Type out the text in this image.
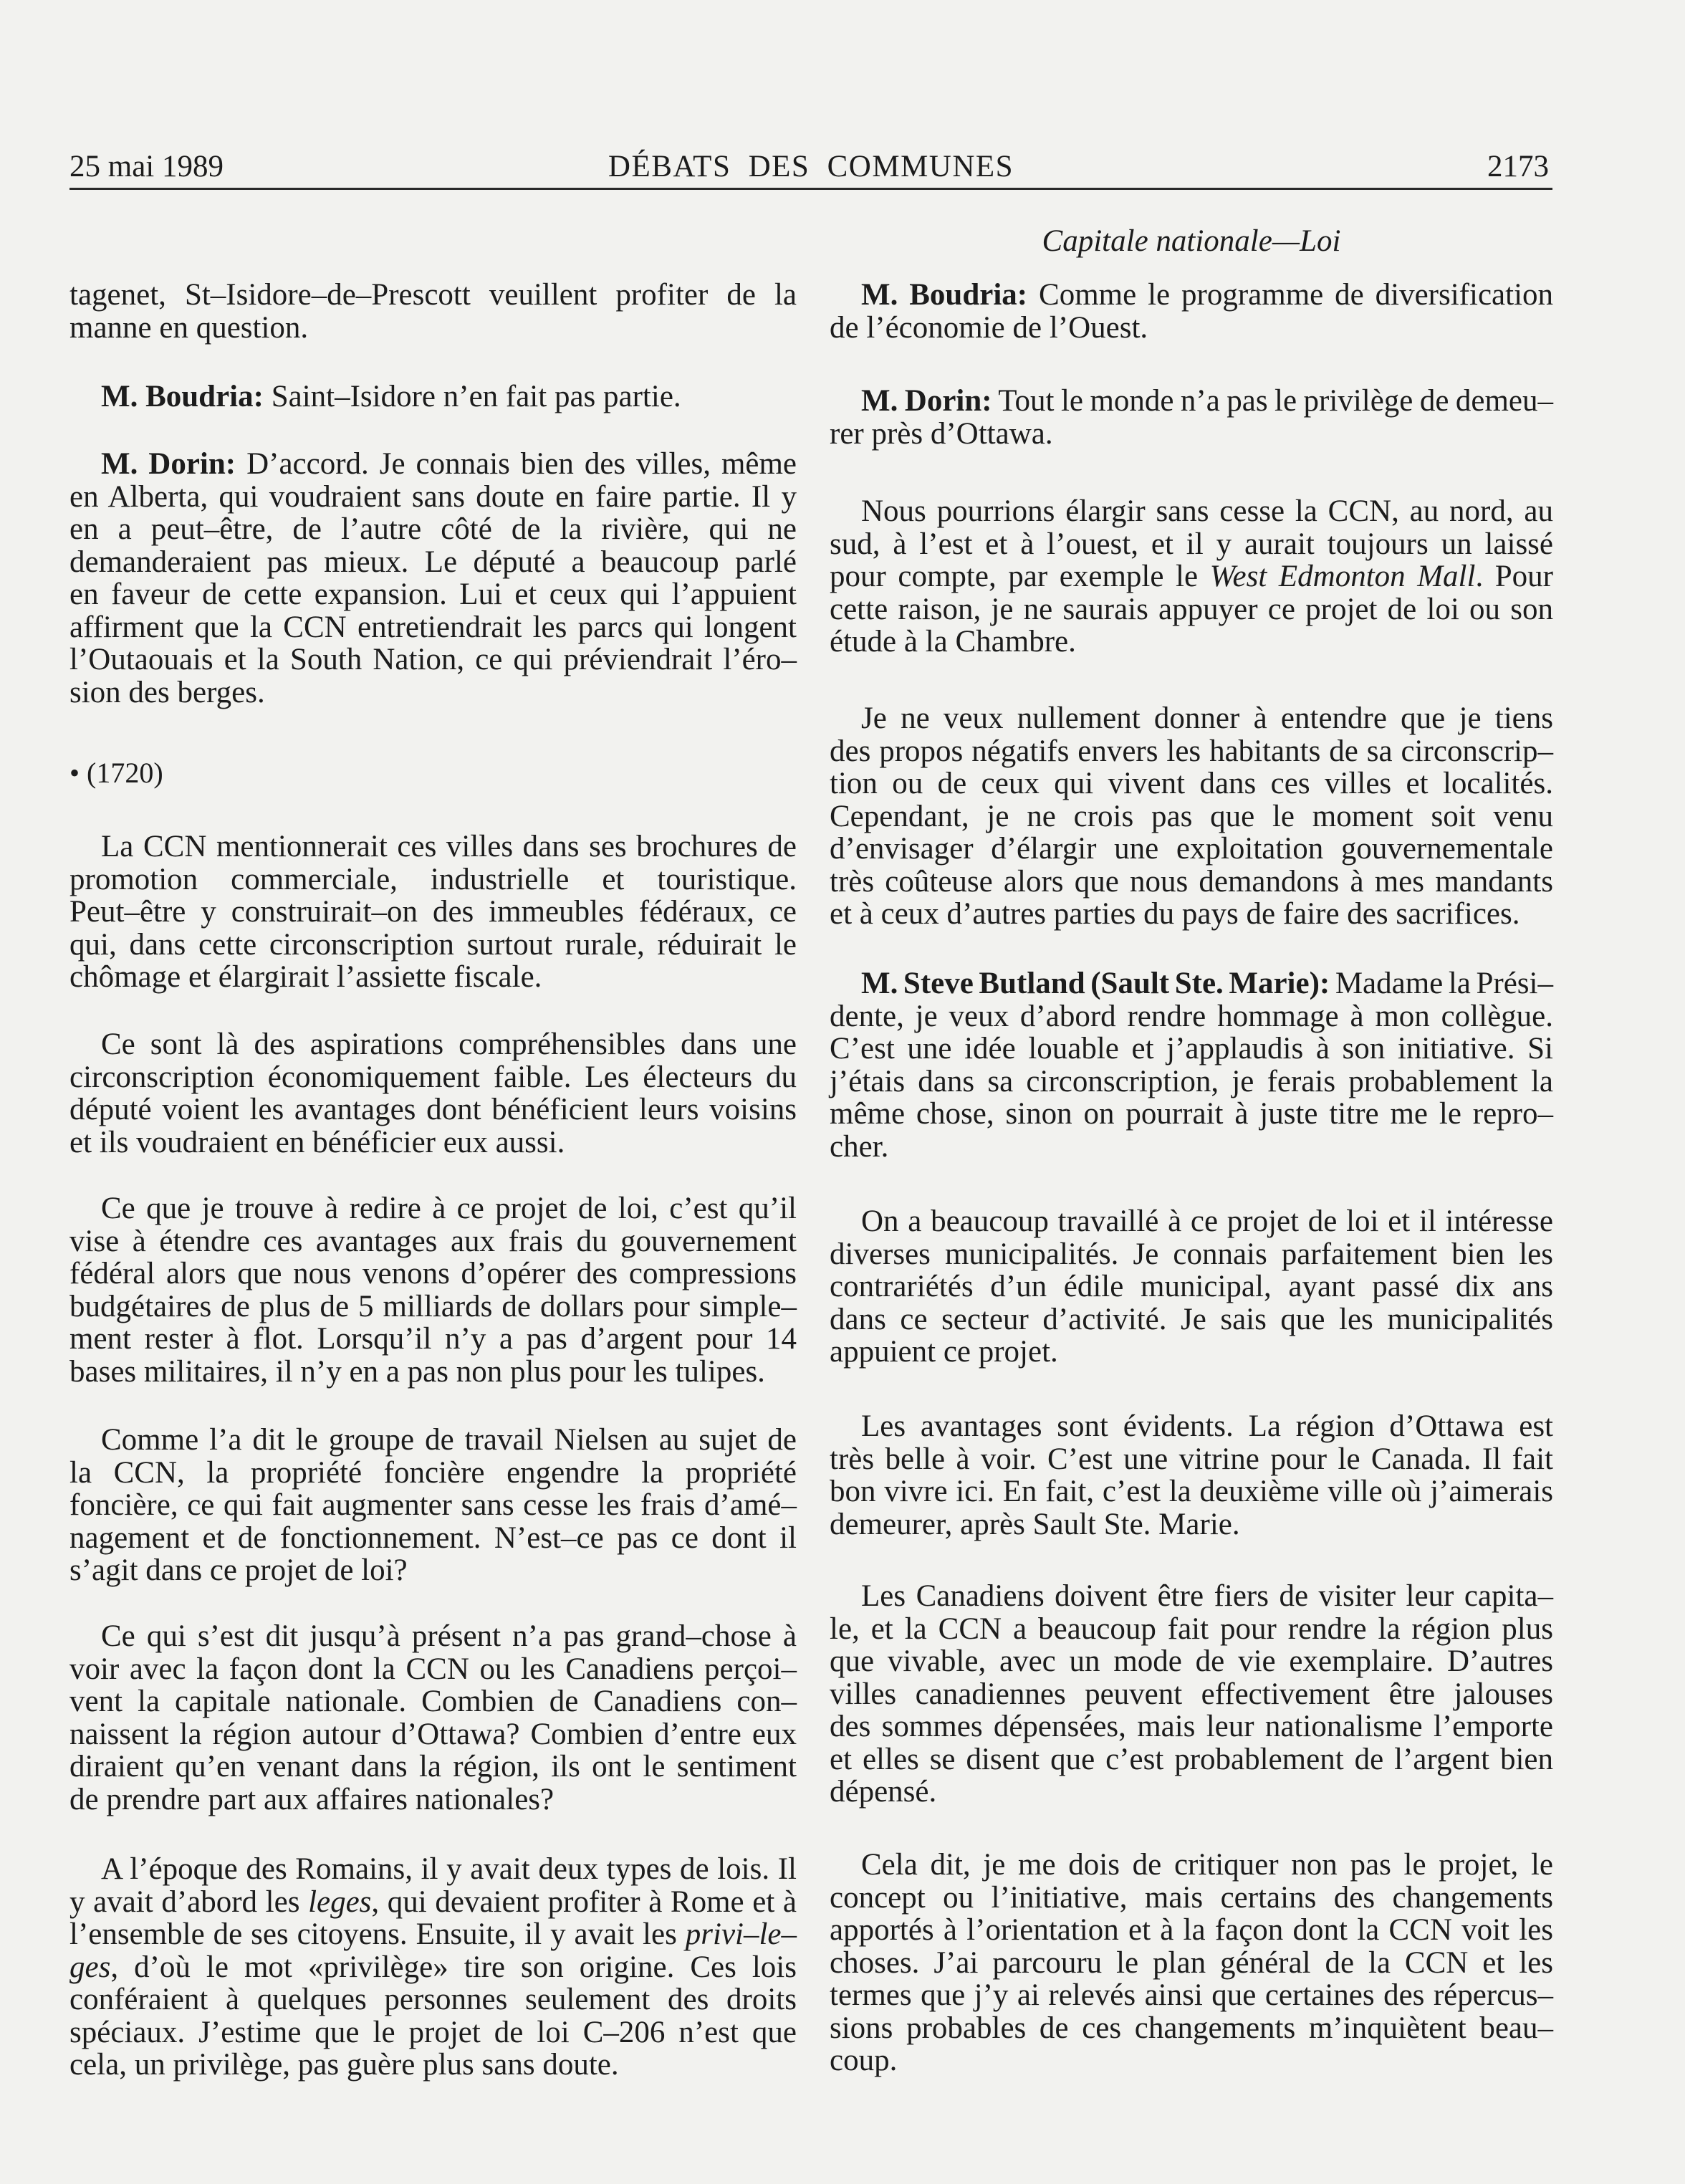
25 mai 1989	DÉBATS DES COMMUNES	2173
tagenet, St–Isidore–de–Prescott veuillent profiter de la
manne en question.
M. Boudria: Saint–Isidore n’en fait pas partie.
M. Dorin: D’accord. Je connais bien des villes, même
en Alberta, qui voudraient sans doute en faire partie. Il y
en a peut–être, de l’autre côté de la rivière, qui ne
demanderaient pas mieux. Le député a beaucoup parlé
en faveur de cette expansion. Lui et ceux qui l’appuient
affirment que la CCN entretiendrait les parcs qui longent
l’Outaouais et la South Nation, ce qui préviendrait l’éro–
sion des berges.
• (1720)
La CCN mentionnerait ces villes dans ses brochures de
promotion commerciale, industrielle et touristique.
Peut–être y construirait–on des immeubles fédéraux, ce
qui, dans cette circonscription surtout rurale, réduirait le
chômage et élargirait l’assiette fiscale.
Ce sont là des aspirations compréhensibles dans une
circonscription économiquement faible. Les électeurs du
député voient les avantages dont bénéficient leurs voisins
et ils voudraient en bénéficier eux aussi.
Ce que je trouve à redire à ce projet de loi, c’est qu’il
vise à étendre ces avantages aux frais du gouvernement
fédéral alors que nous venons d’opérer des compressions
budgétaires de plus de 5 milliards de dollars pour simple–
ment rester à flot. Lorsqu’il n’y a pas d’argent pour 14
bases militaires, il n’y en a pas non plus pour les tulipes.
Comme l’a dit le groupe de travail Nielsen au sujet de
la CCN, la propriété foncière engendre la propriété
foncière, ce qui fait augmenter sans cesse les frais d’amé–
nagement et de fonctionnement. N’est–ce pas ce dont il
s’agit dans ce projet de loi?
Ce qui s’est dit jusqu’à présent n’a pas grand–chose à
voir avec la façon dont la CCN ou les Canadiens perçoi–
vent la capitale nationale. Combien de Canadiens con–
naissent la région autour d’Ottawa? Combien d’entre eux
diraient qu’en venant dans la région, ils ont le sentiment
de prendre part aux affaires nationales?
A l’époque des Romains, il y avait deux types de lois. Il
y avait d’abord les leges, qui devaient profiter à Rome et à
l’ensemble de ses citoyens. Ensuite, il y avait les privi–le–
ges, d’où le mot «privilège» tire son origine. Ces lois
conféraient à quelques personnes seulement des droits
spéciaux. J’estime que le projet de loi C–206 n’est que
cela, un privilège, pas guère plus sans doute.
Capitale nationale—Loi
M. Boudria: Comme le programme de diversification
de l’économie de l’Ouest.
M. Dorin: Tout le monde n’a pas le privilège de demeu–
rer près d’Ottawa.
Nous pourrions élargir sans cesse la CCN, au nord, au
sud, à l’est et à l’ouest, et il y aurait toujours un laissé
pour compte, par exemple le West Edmonton Mall. Pour
cette raison, je ne saurais appuyer ce projet de loi ou son
étude à la Chambre.
Je ne veux nullement donner à entendre que je tiens
des propos négatifs envers les habitants de sa circonscrip–
tion ou de ceux qui vivent dans ces villes et localités.
Cependant, je ne crois pas que le moment soit venu
d’envisager d’élargir une exploitation gouvernementale
très coûteuse alors que nous demandons à mes mandants
et à ceux d’autres parties du pays de faire des sacrifices.
M. Steve Butland (Sault Ste. Marie): Madame la Prési–
dente, je veux d’abord rendre hommage à mon collègue.
C’est une idée louable et j’applaudis à son initiative. Si
j’étais dans sa circonscription, je ferais probablement la
même chose, sinon on pourrait à juste titre me le repro–
cher.
On a beaucoup travaillé à ce projet de loi et il intéresse
diverses municipalités. Je connais parfaitement bien les
contrariétés d’un édile municipal, ayant passé dix ans
dans ce secteur d’activité. Je sais que les municipalités
appuient ce projet.
Les avantages sont évidents. La région d’Ottawa est
très belle à voir. C’est une vitrine pour le Canada. Il fait
bon vivre ici. En fait, c’est la deuxième ville où j’aimerais
demeurer, après Sault Ste. Marie.
Les Canadiens doivent être fiers de visiter leur capita–
le, et la CCN a beaucoup fait pour rendre la région plus
que vivable, avec un mode de vie exemplaire. D’autres
villes canadiennes peuvent effectivement être jalouses
des sommes dépensées, mais leur nationalisme l’emporte
et elles se disent que c’est probablement de l’argent bien
dépensé.
Cela dit, je me dois de critiquer non pas le projet, le
concept ou l’initiative, mais certains des changements
apportés à l’orientation et à la façon dont la CCN voit les
choses. J’ai parcouru le plan général de la CCN et les
termes que j’y ai relevés ainsi que certaines des répercus–
sions probables de ces changements m’inquiètent beau–
coup.
